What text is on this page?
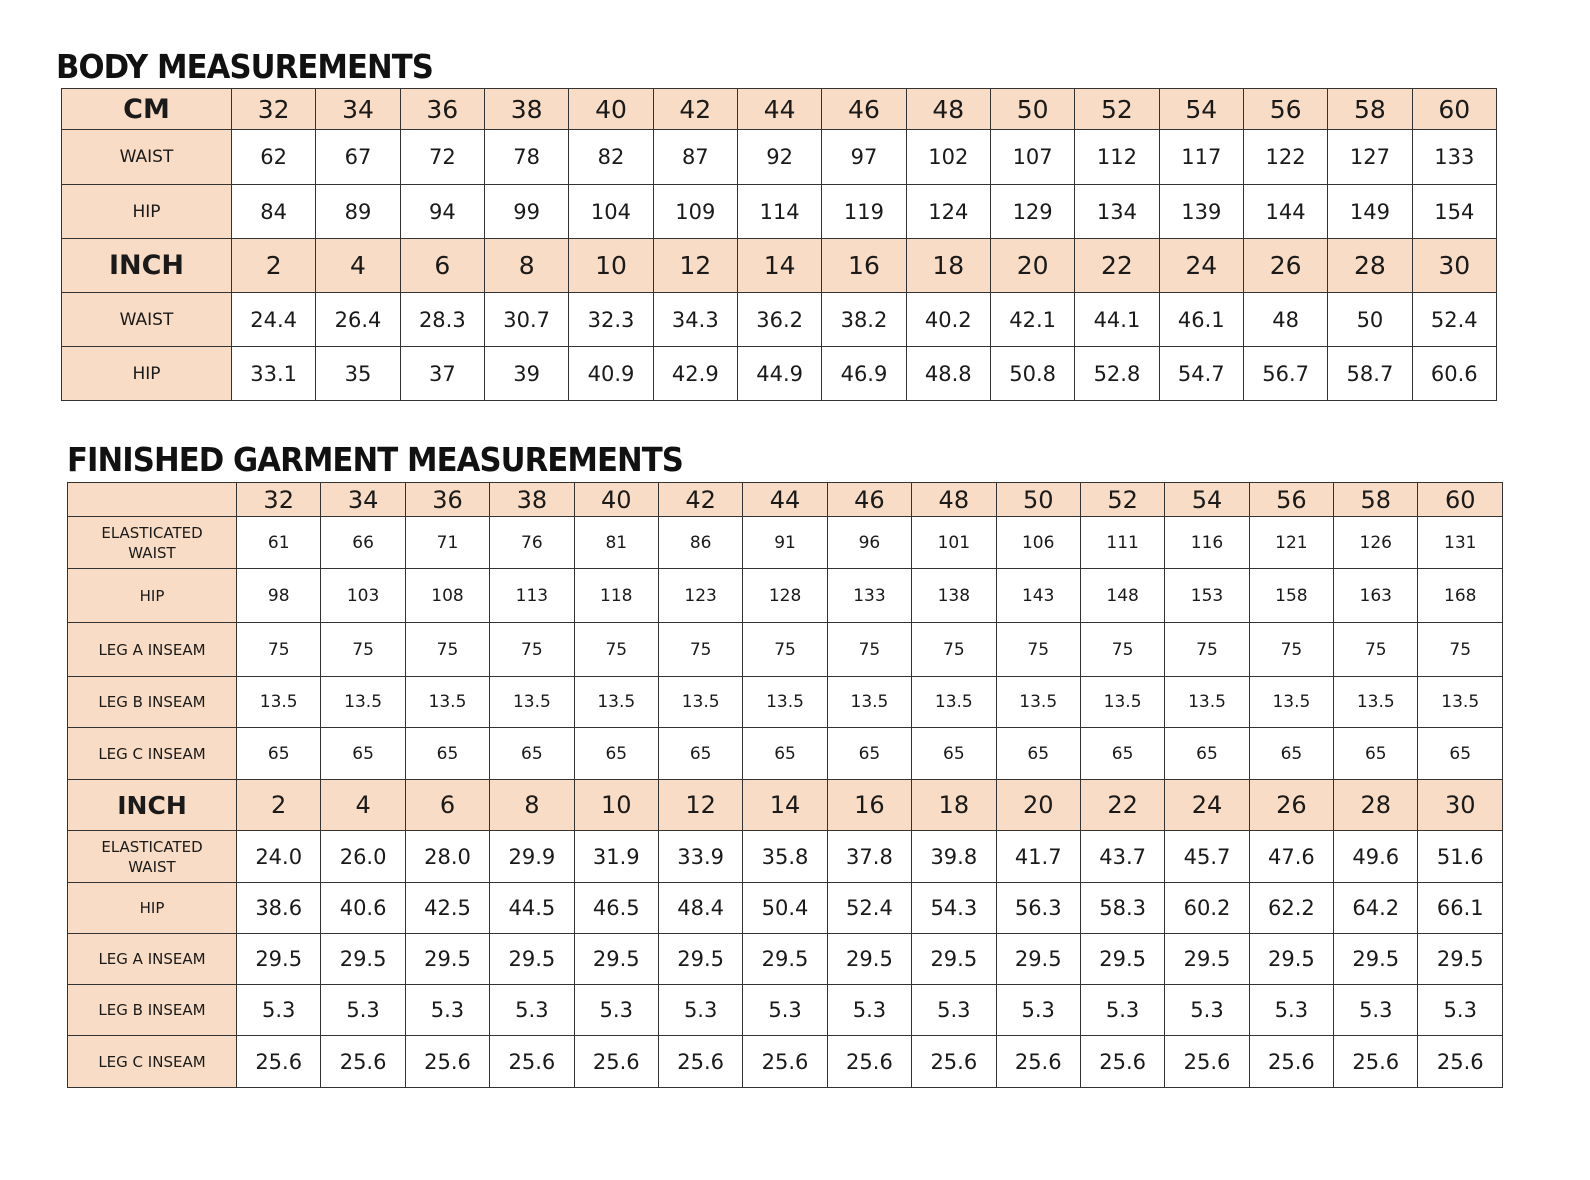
BODY MEASUREMENTS
CM	32	34	36	38	40	42	44	46	48	50	52	54	56	58	60
WAIST	62	67	72	78	82	87	92	97	102	107	112	117	122	127	133
HIP	84	89	94	99	104	109	114	119	124	129	134	139	144	149	154
INCH	2	4	6	8	10	12	14	16	18	20	22	24	26	28	30
WAIST	24.4	26.4	28.3	30.7	32.3	34.3	36.2	38.2	40.2	42.1	44.1	46.1	48	50	52.4
HIP	33.1	35	37	39	40.9	42.9	44.9	46.9	48.8	50.8	52.8	54.7	56.7	58.7	60.6
FINISHED GARMENT MEASUREMENTS
	32	34	36	38	40	42	44	46	48	50	52	54	56	58	60
ELASTICATED
WAIST	61	66	71	76	81	86	91	96	101	106	111	116	121	126	131
HIP	98	103	108	113	118	123	128	133	138	143	148	153	158	163	168
LEG A INSEAM	75	75	75	75	75	75	75	75	75	75	75	75	75	75	75
LEG B INSEAM	13.5	13.5	13.5	13.5	13.5	13.5	13.5	13.5	13.5	13.5	13.5	13.5	13.5	13.5	13.5
LEG C INSEAM	65	65	65	65	65	65	65	65	65	65	65	65	65	65	65
INCH	2	4	6	8	10	12	14	16	18	20	22	24	26	28	30
ELASTICATED
WAIST	24.0	26.0	28.0	29.9	31.9	33.9	35.8	37.8	39.8	41.7	43.7	45.7	47.6	49.6	51.6
HIP	38.6	40.6	42.5	44.5	46.5	48.4	50.4	52.4	54.3	56.3	58.3	60.2	62.2	64.2	66.1
LEG A INSEAM	29.5	29.5	29.5	29.5	29.5	29.5	29.5	29.5	29.5	29.5	29.5	29.5	29.5	29.5	29.5
LEG B INSEAM	5.3	5.3	5.3	5.3	5.3	5.3	5.3	5.3	5.3	5.3	5.3	5.3	5.3	5.3	5.3
LEG C INSEAM	25.6	25.6	25.6	25.6	25.6	25.6	25.6	25.6	25.6	25.6	25.6	25.6	25.6	25.6	25.6
